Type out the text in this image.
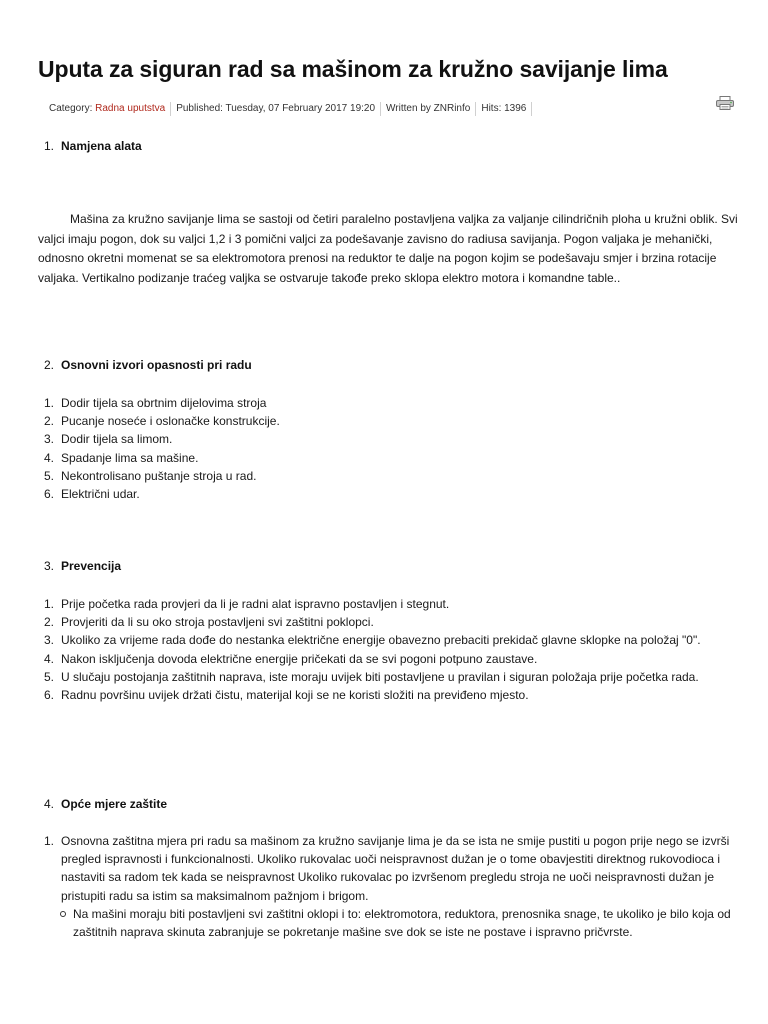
Uputa za siguran rad sa mašinom za kružno savijanje lima
Category: Radna uputstva	Published: Tuesday, 07 February 2017 19:20	Written by ZNRinfo	Hits: 1396
1. Namjena alata

Mašina za kružno savijanje lima se sastoji od četiri paralelno postavljena valjka za valjanje cilindričnih ploha u kružni oblik. Svi valjci imaju pogon, dok su valjci 1,2 i 3 pomični valjci za podešavanje zavisno do radiusa savijanja. Pogon valjaka je mehanički, odnosno okretni momenat se sa elektromotora prenosi na reduktor te dalje na pogon kojim se podešavaju smjer i brzina rotacije valjaka. Vertikalno podizanje traćeg valjka se ostvaruje takođe preko sklopa elektro motora i komandne table..

2. Osnovni izvori opasnosti pri radu
1. Dodir tijela sa obrtnim dijelovima stroja
2. Pucanje noseće i oslonačke konstrukcije.
3. Dodir tijela sa limom.
4. Spadanje lima sa mašine.
5. Nekontrolisano puštanje stroja u rad.
6. Električni udar.
3. Prevencija
1. Prije početka rada provjeri da li je radni alat ispravno postavljen i stegnut.
2. Provjeriti da li su oko stroja postavljeni svi zaštitni poklopci.
3. Ukoliko za vrijeme rada dođe do nestanka električne energije obavezno prebaciti prekidač glavne sklopke na položaj "0".
4. Nakon isključenja dovoda električne energije pričekati da se svi pogoni potpuno zaustave.
5. U slučaju postojanja zaštitnih naprava, iste moraju uvijek biti postavljene u pravilan i siguran položaja prije početka rada.
6. Radnu površinu uvijek držati čistu, materijal koji se ne koristi složiti na previđeno mjesto.
4. Opće mjere zaštite
1. Osnovna zaštitna mjera pri radu sa mašinom za kružno savijanje lima je da se ista ne smije pustiti u pogon prije nego se izvrši pregled ispravnosti i funkcionalnosti. Ukoliko rukovalac uoči neispravnost dužan je o tome obavjestiti direktnog rukovodioca i nastaviti sa radom tek kada se neispravnost Ukoliko rukovalac po izvršenom pregledu stroja ne uoči neispravnosti dužan je pristupiti radu sa istim sa maksimalnom pažnjom i brigom.
Na mašini moraju biti postavljeni svi zaštitni oklopi i to: elektromotora, reduktora, prenosnika snage, te ukoliko je bilo koja od zaštitnih naprava skinuta zabranjuje se pokretanje mašine sve dok se iste ne postave i ispravno pričvrste.
